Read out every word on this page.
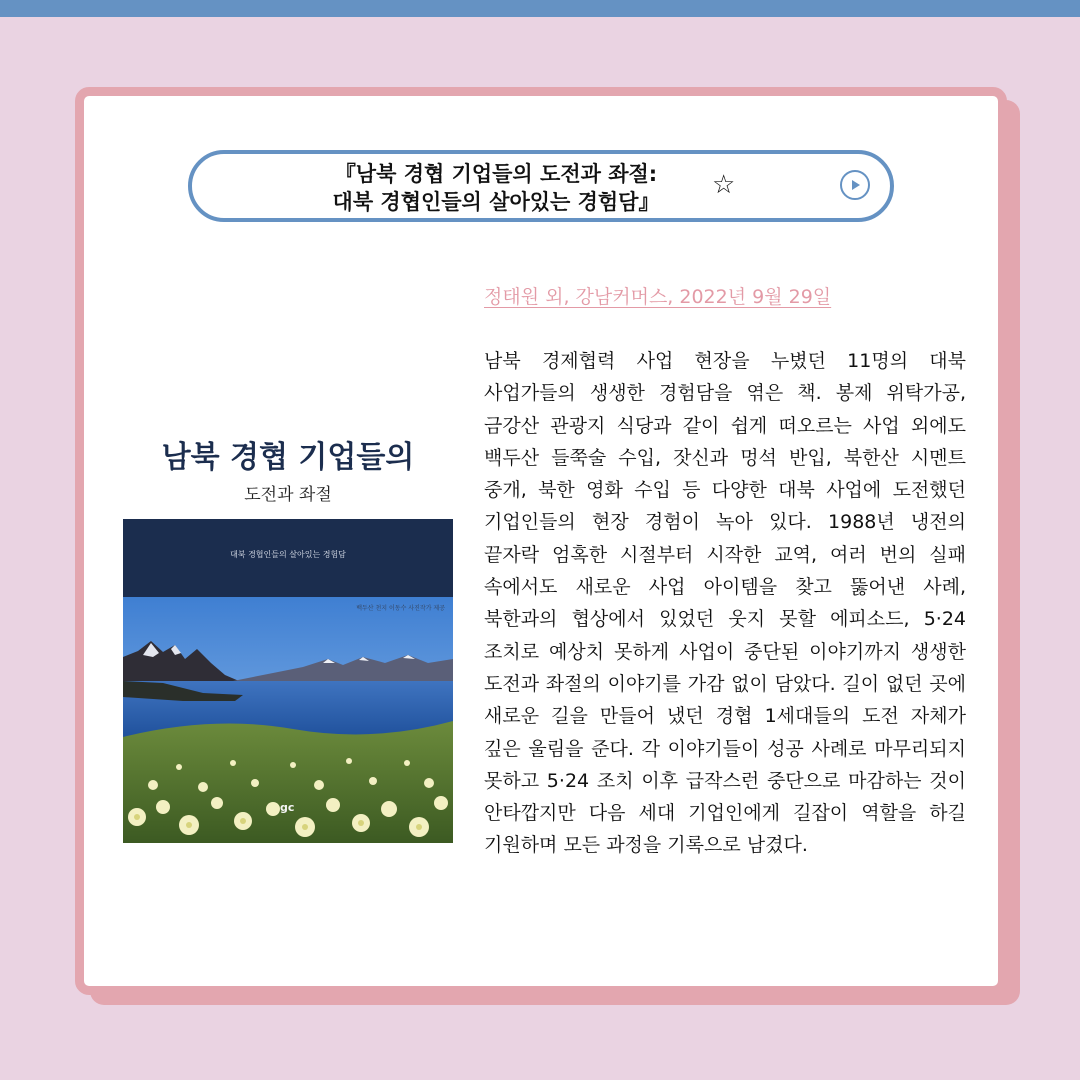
『남북 경협 기업들의 도전과 좌절:
대북 경협인들의 살아있는 경험담』
☆
정태원 외, 강남커머스, 2022년 9월 29일
남북 경제협력 사업 현장을 누볐던 11명의 대북 사업가들의 생생한 경험담을 엮은 책. 봉제 위탁가공, 금강산 관광지 식당과 같이 쉽게 떠오르는 사업 외에도 백두산 들쭉술 수입, 잣신과 멍석 반입, 북한산 시멘트 중개, 북한 영화 수입 등 다양한 대북 사업에 도전했던 기업인들의 현장 경험이 녹아 있다. 1988년 냉전의 끝자락 엄혹한 시절부터 시작한 교역, 여러 번의 실패 속에서도 새로운 사업 아이템을 찾고 뚫어낸 사례, 북한과의 협상에서 있었던 웃지 못할 에피소드, 5·24 조치로 예상치 못하게 사업이 중단된 이야기까지 생생한 도전과 좌절의 이야기를 가감 없이 담았다. 길이 없던 곳에 새로운 길을 만들어 냈던 경협 1세대들의 도전 자체가 깊은 울림을 준다. 각 이야기들이 성공 사례로 마무리되지 못하고 5·24 조치 이후 급작스런 중단으로 마감하는 것이 안타깝지만 다음 세대 기업인에게 길잡이 역할을 하길 기원하며 모든 과정을 기록으로 남겼다.
남북 경협 기업들의
도전과 좌절
대북 경협인들의 살아있는 경험담
백두산 천지 이동수 사진작가 제공
gc
